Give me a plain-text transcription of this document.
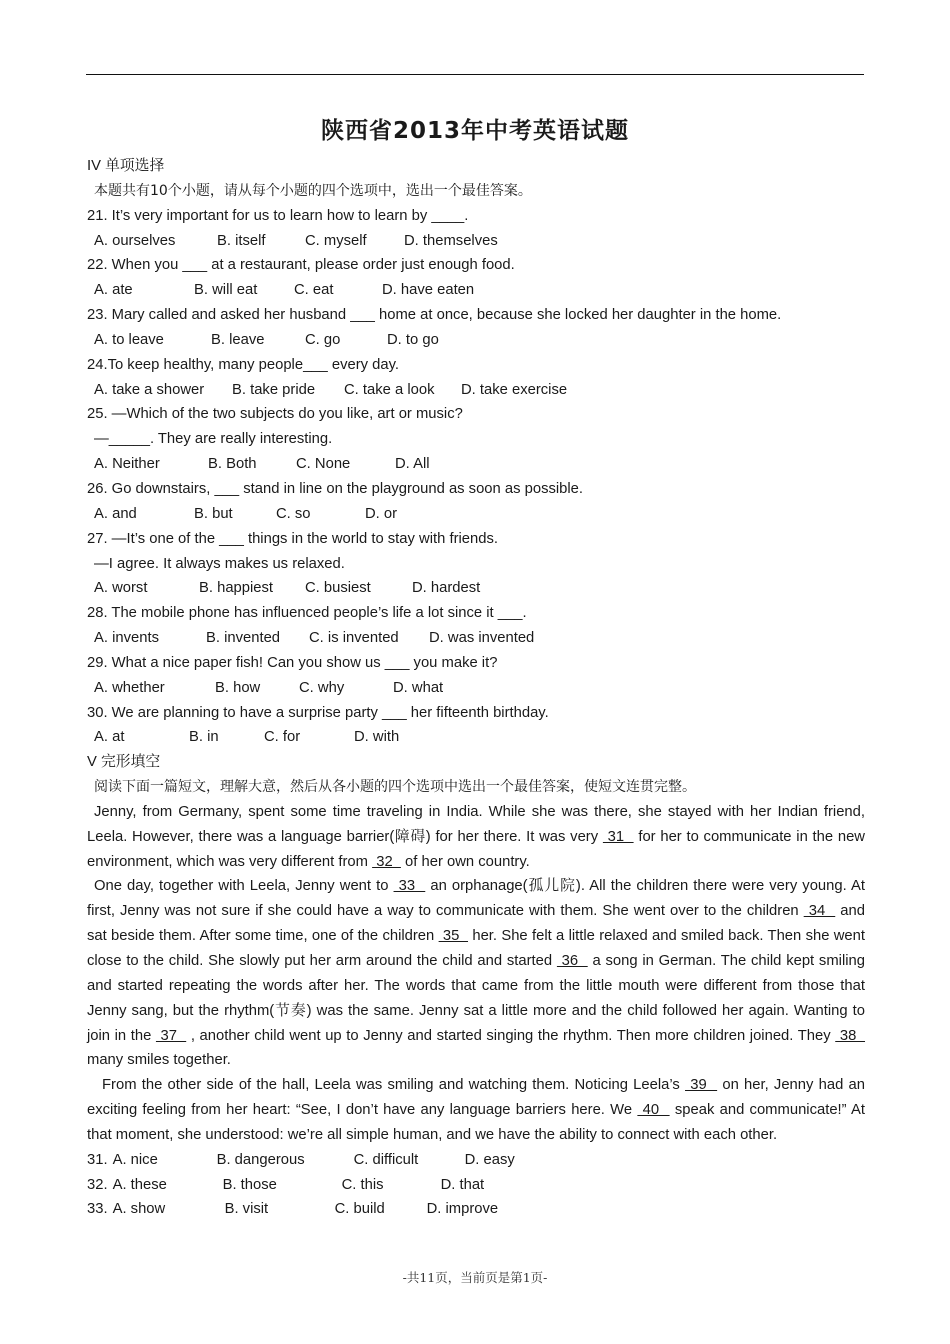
陕西省2013年中考英语试题
IV 单项选择
本题共有10个小题，请从每个小题的四个选项中，选出一个最佳答案。
21. It’s very important for us to learn how to learn by ____.
A. ourselves	B. itself	C. myself	D. themselves
22. When you ___ at a restaurant, please order just enough food.
A. ate	B. will eat C. eat	D. have eaten
23. Mary called and asked her husband ___ home at once, because she locked her daughter in the home.
A. to leave	B. leave	C. go	D. to go
24.To keep healthy, many people___ every day.
A. take a shower B. take pride C. take a look D. take exercise
25. —Which of the two subjects do you like, art or music?
—_____. They are really interesting.
A. Neither	B. Both	C. None	D. All
26. Go downstairs, ___ stand in line on the playground as soon as possible.
A. and	B. but	C. so	D. or
27. —It’s one of the ___ things in the world to stay with friends.
—I agree. It always makes us relaxed.
A. worst	B. happiest C. busiest	D. hardest
28. The mobile phone has influenced people’s life a lot since it ___.
A. invents	B. invented C. is invented D. was invented
29. What a nice paper fish! Can you show us ___ you make it?
A. whether	B. how	C. why	D. what
30. We are planning to have a surprise party ___ her fifteenth birthday.
A. at	B. in	C. for	D. with
V 完形填空
阅读下面一篇短文，理解大意，然后从各小题的四个选项中选出一个最佳答案，使短文连贯完整。

Jenny, from Germany, spent some time traveling in India. While she was there, she stayed with her Indian friend, Leela. However, there was a language barrier(障碍) for her there. It was very  31   for her to communicate in the new environment, which was very different from  32   of her own country.

One day, together with Leela, Jenny went to  33   an orphanage(孤儿院). All the children there were very young. At first, Jenny was not sure if she could have a way to communicate with them. She went over to the children  34   and sat beside them. After some time, one of the children  35   her. She felt a little relaxed and smiled back. Then she went close to the child. She slowly put her arm around the child and started  36   a song in German. The child kept smiling and started repeating the words after her. The words that came from the little mouth were different from those that Jenny sang, but the rhythm(节奏) was the same. Jenny sat a little more and the child followed her again. Wanting to join in the  37   , another child went up to Jenny and started singing the rhythm. Then more children joined. They  38   many smiles together.

From the other side of the hall, Leela was smiling and watching them. Noticing Leela’s  39   on her, Jenny had an exciting feeling from her heart: “See, I don’t have any language barriers here. We  40   speak and communicate!” At that moment, she understood: we’re all simple human, and we have the ability to connect with each other.

31. A. nice	B. dangerous	C. difficult	D. easy
32. A. these	B. those	C. this	D. that
33. A. show	B. visit	C. build	D. improve
-共11页，当前页是第1页-
